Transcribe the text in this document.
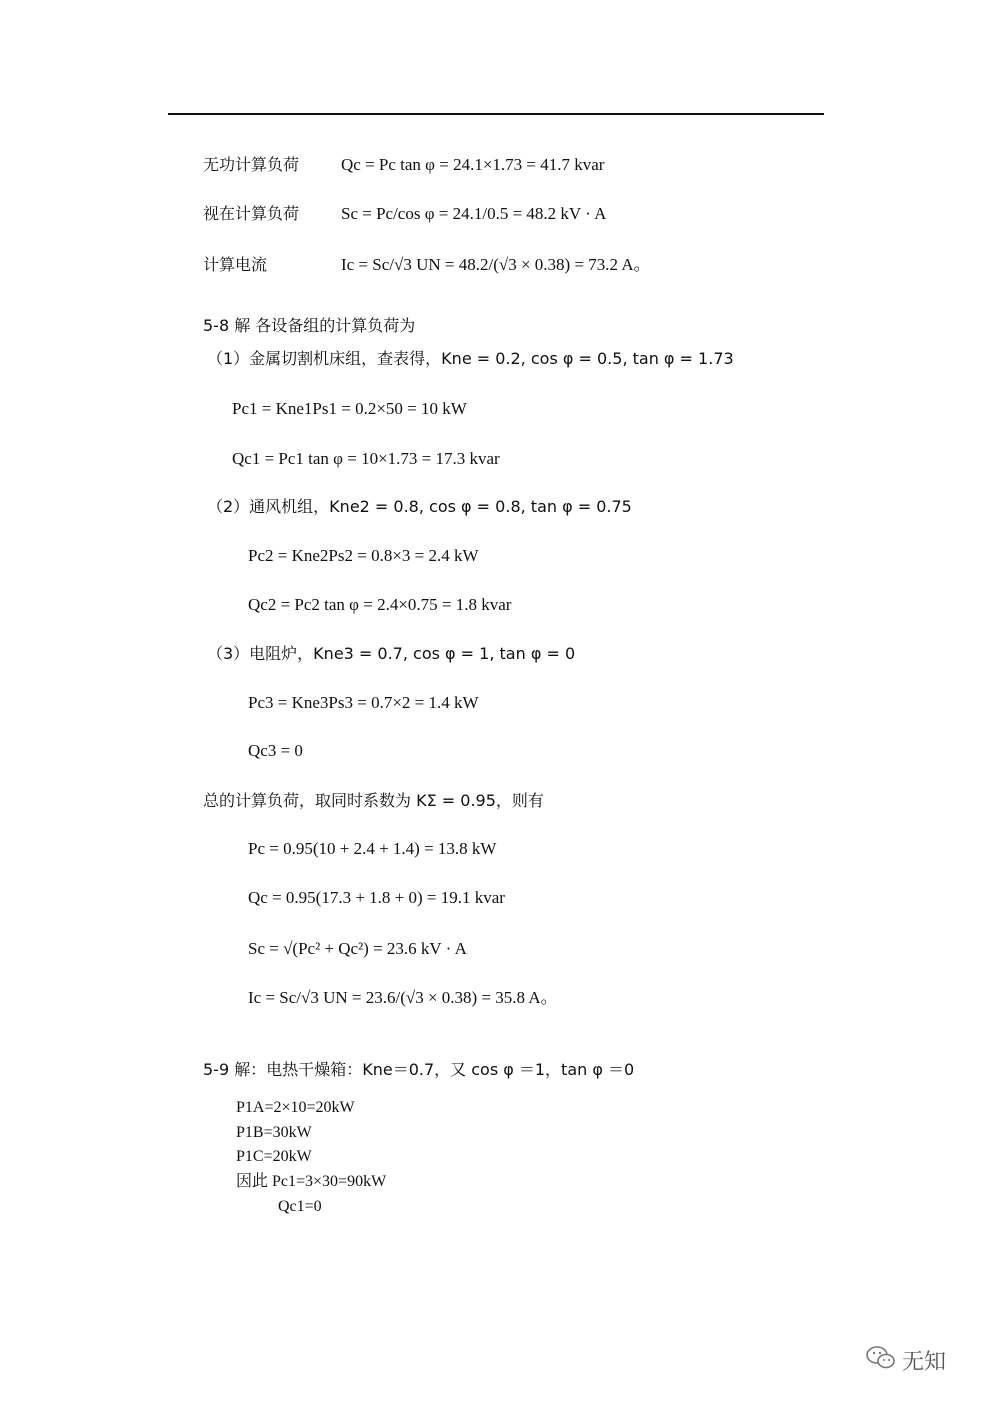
无功计算负荷 Qc = Pc tan φ = 24.1×1.73 = 41.7 kvar
视在计算负荷 Sc = Pc/cos φ = 24.1/0.5 = 48.2 kV · A
计算电流	Ic = Sc/√3 UN = 48.2/(√3 × 0.38) = 73.2 A。
5-8 解 各设备组的计算负荷为
（1）金属切割机床组，查表得，Kne = 0.2, cos φ = 0.5, tan φ = 1.73
Pc1 = Kne1Ps1 = 0.2×50 = 10 kW
Qc1 = Pc1 tan φ = 10×1.73 = 17.3 kvar
（2）通风机组，Kne2 = 0.8, cos φ = 0.8, tan φ = 0.75
Pc2 = Kne2Ps2 = 0.8×3 = 2.4 kW
Qc2 = Pc2 tan φ = 2.4×0.75 = 1.8 kvar
（3）电阻炉，Kne3 = 0.7, cos φ = 1, tan φ = 0
Pc3 = Kne3Ps3 = 0.7×2 = 1.4 kW
Qc3 = 0
总的计算负荷，取同时系数为 KΣ = 0.95，则有
Pc = 0.95(10 + 2.4 + 1.4) = 13.8 kW
Qc = 0.95(17.3 + 1.8 + 0) = 19.1 kvar
Sc = √(Pc² + Qc²) = 23.6 kV · A
Ic = Sc/√3 UN = 23.6/(√3 × 0.38) = 35.8 A。
5-9 解：电热干燥箱：Kne＝0.7，又 cos φ ＝1，tan φ ＝0
P1A=2×10=20kW
P1B=30kW
P1C=20kW
因此 Pc1=3×30=90kW
Qc1=0
无知
